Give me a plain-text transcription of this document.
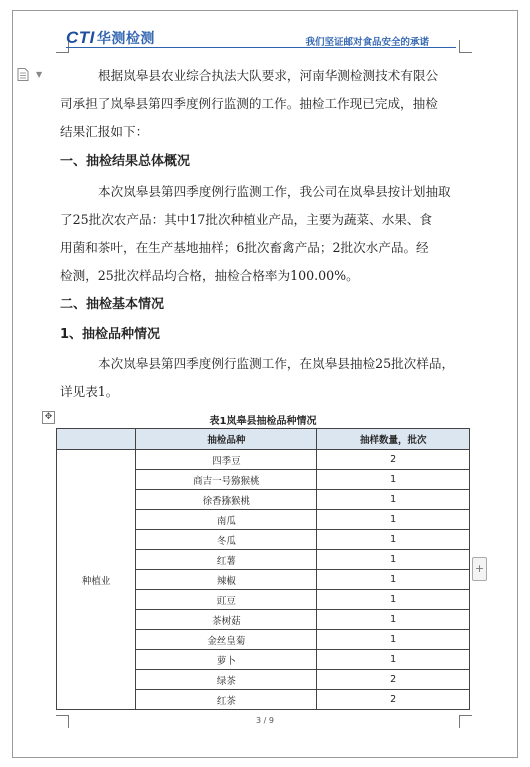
CTI 华测检测	我们坚证邮对食品安全的承诺
▼	根据岚皋县农业综合执法大队要求，河南华测检测技术有限公

司承担了岚皋县第四季度例行监测的工作。抽检工作现已完成，抽检

结果汇报如下：

一、抽检结果总体概况

本次岚皋县第四季度例行监测工作，我公司在岚皋县按计划抽取

了25批次农产品：其中17批次种植业产品，主要为蔬菜、水果、食

用菌和茶叶，在生产基地抽样；6批次畜禽产品；2批次水产品。经

检测，25批次样品均合格，抽检合格率为100.00%。

二、抽检基本情况

1、抽检品种情况

本次岚皋县第四季度例行监测工作，在岚皋县抽检25批次样品，

详见表1。

✥	表1岚皋县抽检品种情况
	抽检品种	抽样数量，批次
种植业	四季豆	2
	商吉一号猕猴桃	1
	徐香猕猴桃	1
	南瓜	1
	冬瓜	1
	红薯	1
	辣椒	1
	豇豆	1
	茶树菇	1
	金丝皇菊	1
	萝卜	1
	绿茶	2
	红茶	2
+
3 / 9
